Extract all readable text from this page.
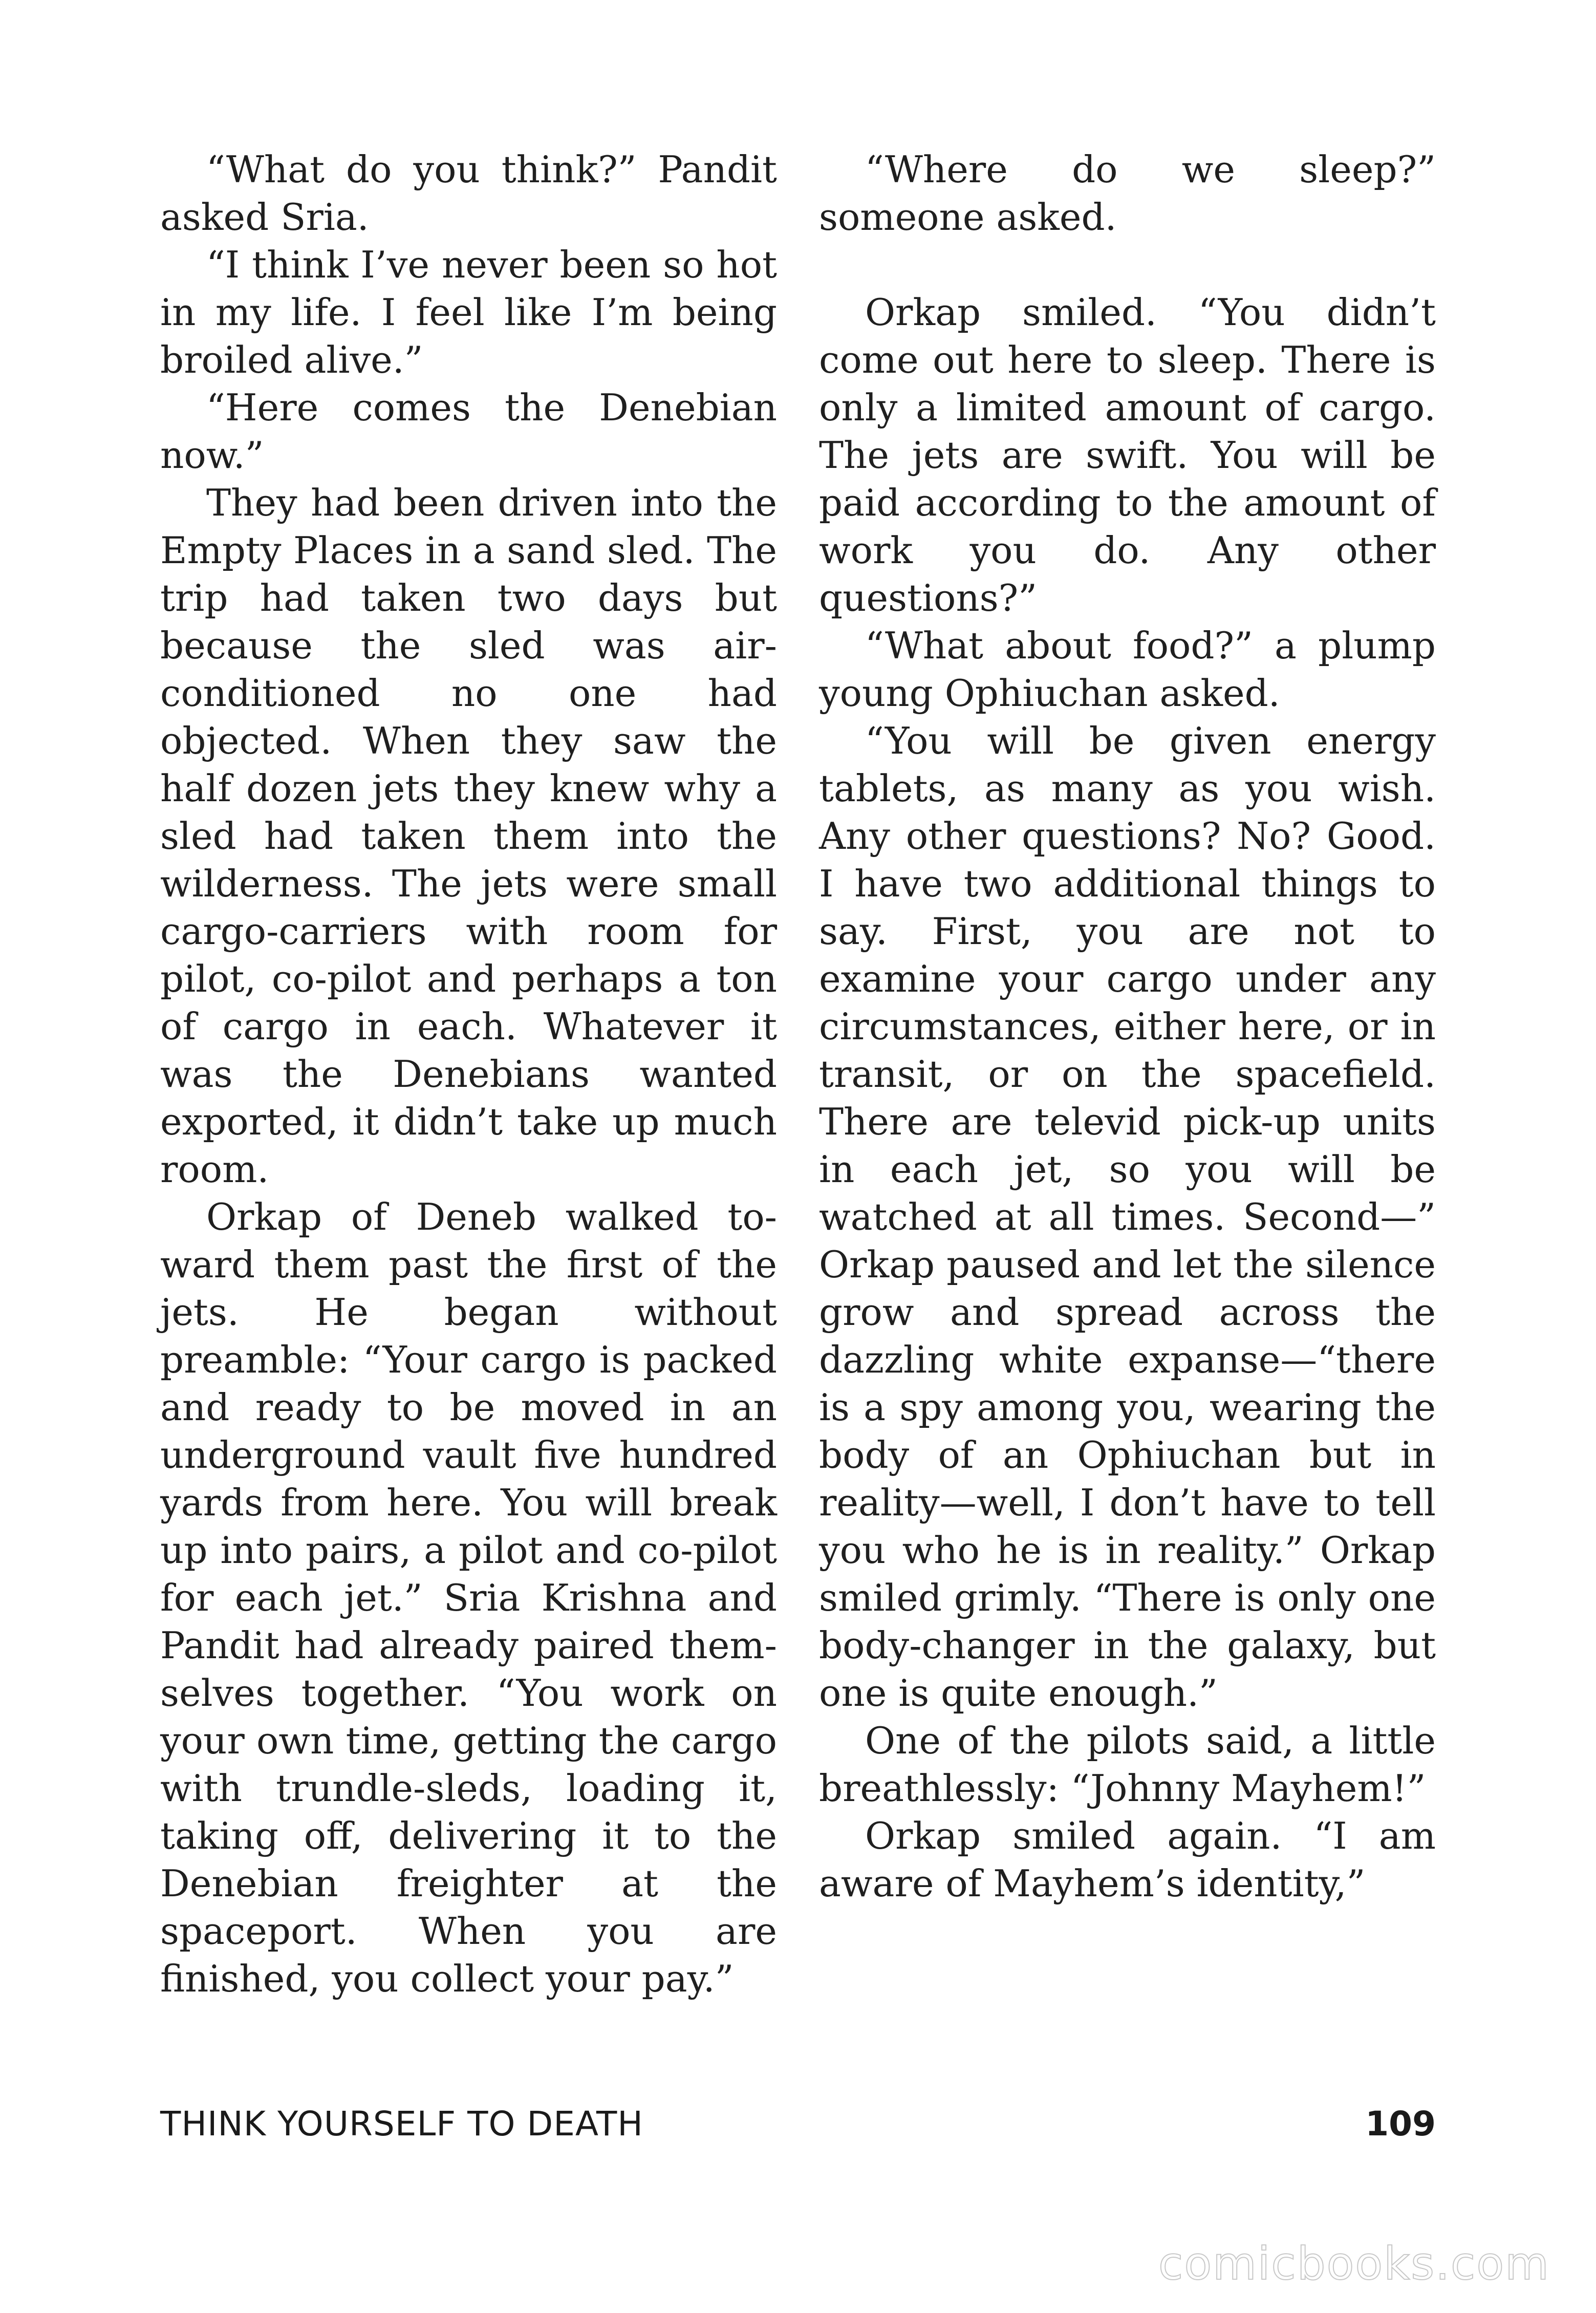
“What do you think?” Pandit asked Sria.

“I think I’ve never been so hot in my life. I feel like I’m being broiled alive.”

“Here comes the Denebian now.”

They had been driven into the Empty Places in a sand sled. The trip had taken two days but because the sled was air-conditioned no one had objected. When they saw the half dozen jets they knew why a sled had taken them into the wilderness. The jets were small cargo-carriers with room for pilot, co-pilot and perhaps a ton of cargo in each. Whatever it was the Denebians wanted exported, it didn’t take up much room.

Orkap of Deneb walked toward them past the first of the jets. He began without preamble: “Your cargo is packed and ready to be moved in an underground vault five hundred yards from here. You will break up into pairs, a pilot and co-pilot for each jet.” Sria Krishna and Pandit had already paired themselves together. “You work on your own time, getting the cargo with trundle-sleds, loading it, taking off, delivering it to the Denebian freighter at the spaceport. When you are finished, you collect your pay.”

“Where do we sleep?” someone asked.

Orkap smiled. “You didn’t come out here to sleep. There is only a limited amount of cargo. The jets are swift. You will be paid according to the amount of work you do. Any other questions?”

“What about food?” a plump young Ophiuchan asked.

“You will be given energy tablets, as many as you wish. Any other questions? No? Good. I have two additional things to say. First, you are not to examine your cargo under any circumstances, either here, or in transit, or on the spacefield. There are televid pick-up units in each jet, so you will be watched at all times. Second—” Orkap paused and let the silence grow and spread across the dazzling white expanse—“there is a spy among you, wearing the body of an Ophiuchan but in reality—well, I don’t have to tell you who he is in reality.” Orkap smiled grimly. “There is only one body-changer in the galaxy, but one is quite enough.”

One of the pilots said, a little breathlessly: “Johnny Mayhem!”

Orkap smiled again. “I am aware of Mayhem’s identity,”

THINK YOURSELF TO DEATH	109
comicbooks.com
